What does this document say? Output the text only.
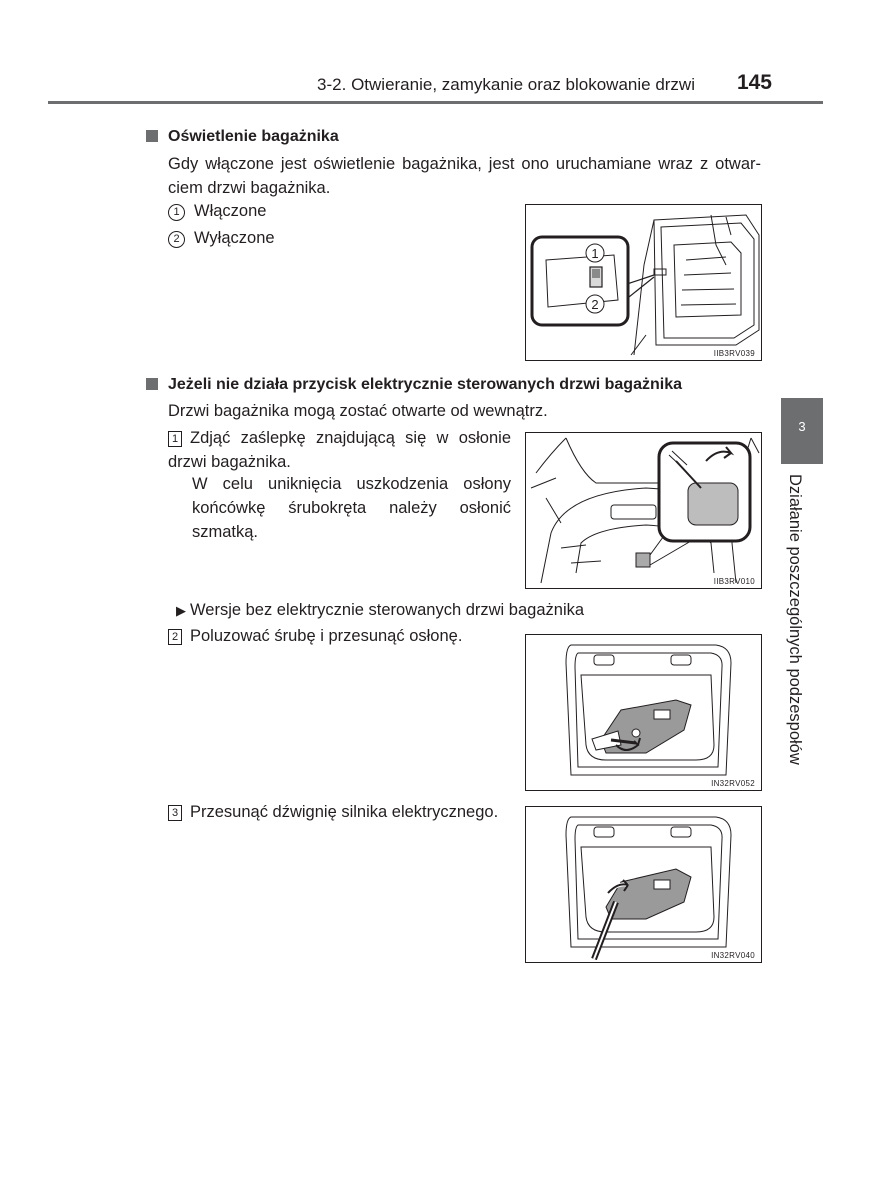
3-2. Otwieranie, zamykanie oraz blokowanie drzwi	145
Oświetlenie bagażnika
Gdy włączone jest oświetlenie bagażnika, jest ono uruchamiane wraz z otwar-ciem drzwi bagażnika.
1 Włączone
2 Wyłączone
1
2
IIB3RV039
Jeżeli nie działa przycisk elektrycznie sterowanych drzwi bagażnika
Drzwi bagażnika mogą zostać otwarte od wewnątrz.
1 Zdjąć zaślepkę znajdującą się w osłonie drzwi bagażnika.
W celu uniknięcia uszkodzenia osłony końcówkę śrubokręta należy osłonić szmatką.
IIB3RV010
▶ Wersje bez elektrycznie sterowanych drzwi bagażnika
2 Poluzować śrubę i przesunąć osłonę.
IN32RV052
3 Przesunąć dźwignię silnika elektrycznego.
IN32RV040
3
Działanie poszczególnych podzespołów
